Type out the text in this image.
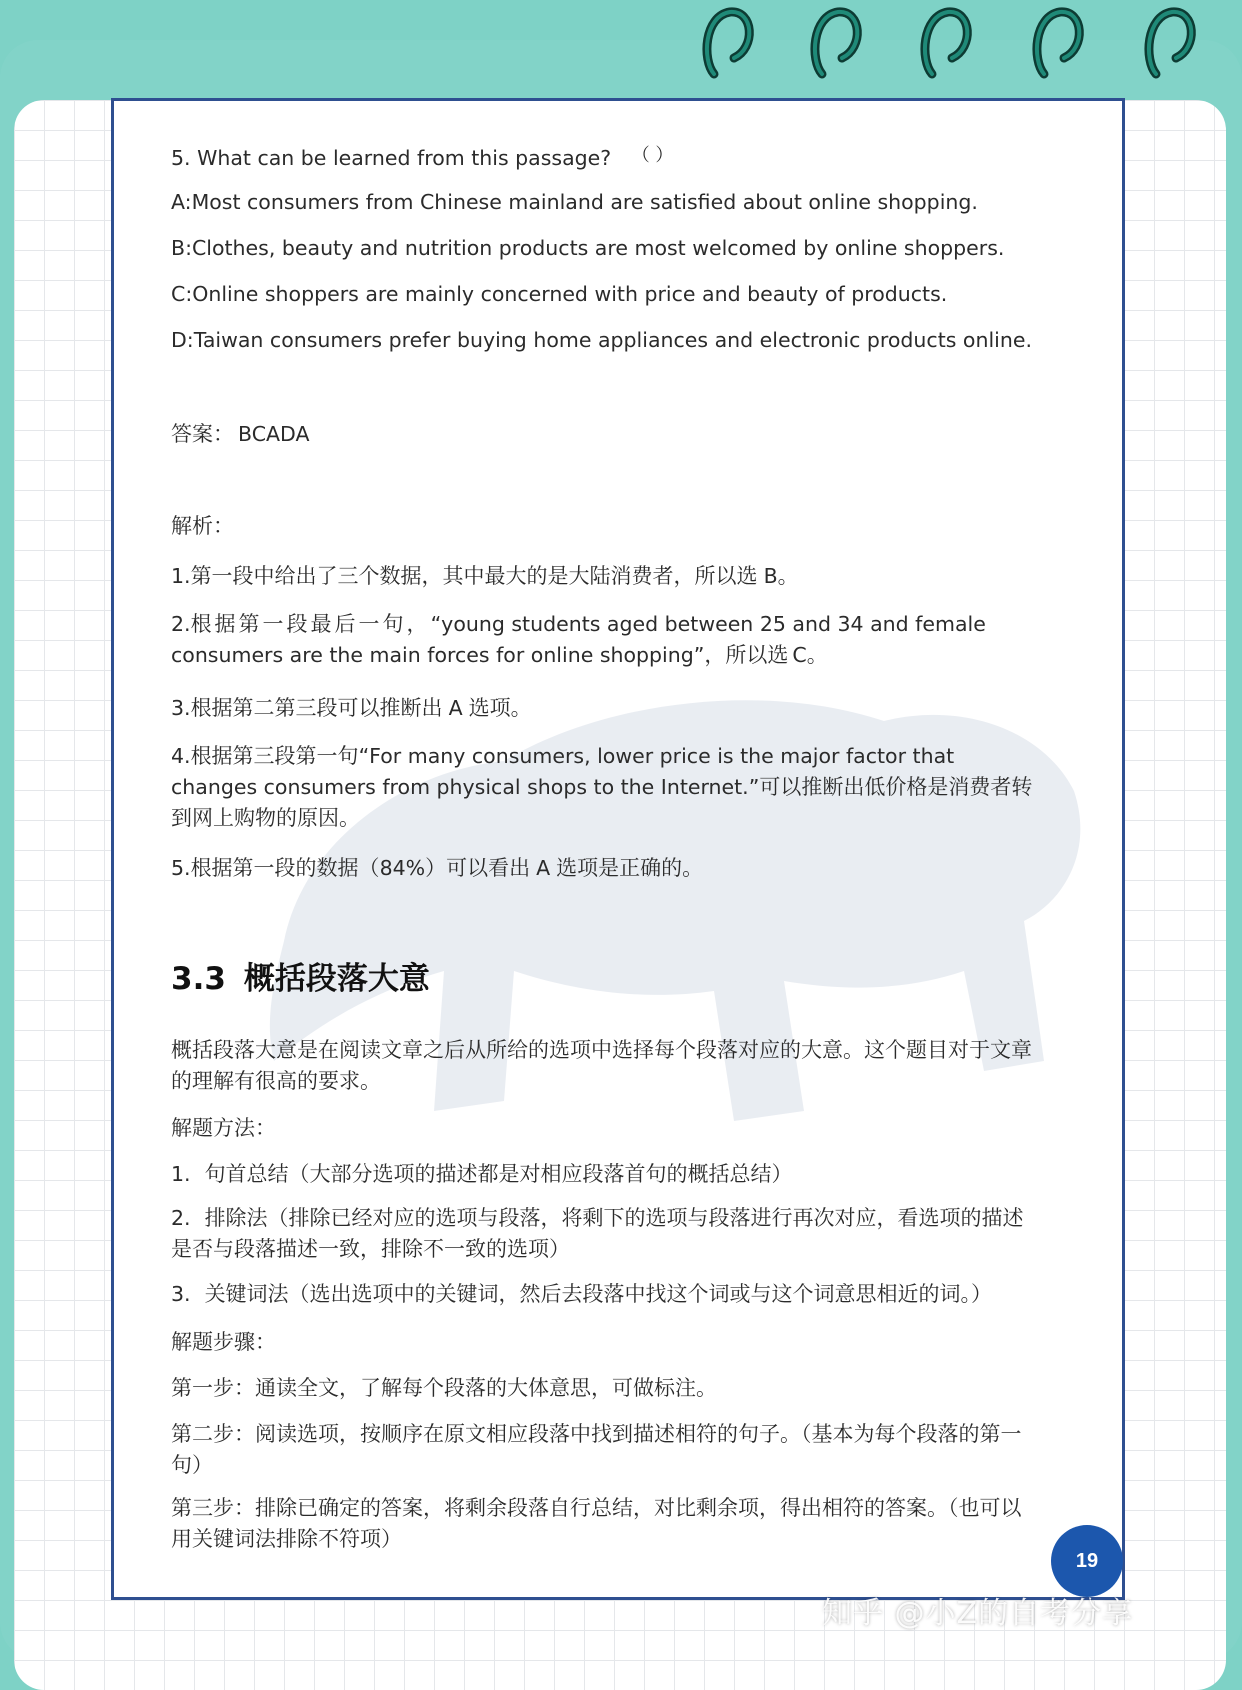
5. What can be learned from this passage? （ ）

A:Most consumers from Chinese mainland are satisfied about online shopping.

B:Clothes, beauty and nutrition products are most welcomed by online shoppers.

C:Online shoppers are mainly concerned with price and beauty of products.

D:Taiwan consumers prefer buying home appliances and electronic products online.

答案： BCADA

解析：

1.第一段中给出了三个数据，其中最大的是大陆消费者，所以选 B。

2.根据第一段最后一句，“young students aged between 25 and 34 and female consumers are the main forces for online shopping”，所以选 C。

3.根据第二第三段可以推断出 A 选项。

4.根据第三段第一句“For many consumers, lower price is the major factor that changes consumers from physical shops to the Internet.”可以推断出低价格是消费者转到网上购物的原因。

5.根据第一段的数据（84%）可以看出 A 选项是正确的。

3.3 概括段落大意

概括段落大意是在阅读文章之后从所给的选项中选择每个段落对应的大意。这个题目对于文章的理解有很高的要求。

解题方法：

1. 句首总结（大部分选项的描述都是对相应段落首句的概括总结）

2. 排除法（排除已经对应的选项与段落，将剩下的选项与段落进行再次对应，看选项的描述是否与段落描述一致，排除不一致的选项）

3. 关键词法（选出选项中的关键词，然后去段落中找这个词或与这个词意思相近的词。）

解题步骤：

第一步：通读全文，了解每个段落的大体意思，可做标注。

第二步：阅读选项，按顺序在原文相应段落中找到描述相符的句子。（基本为每个段落的第一句）

第三步：排除已确定的答案，将剩余段落自行总结，对比剩余项，得出相符的答案。（也可以用关键词法排除不符项）

19
知乎 @小Z的自考分享
